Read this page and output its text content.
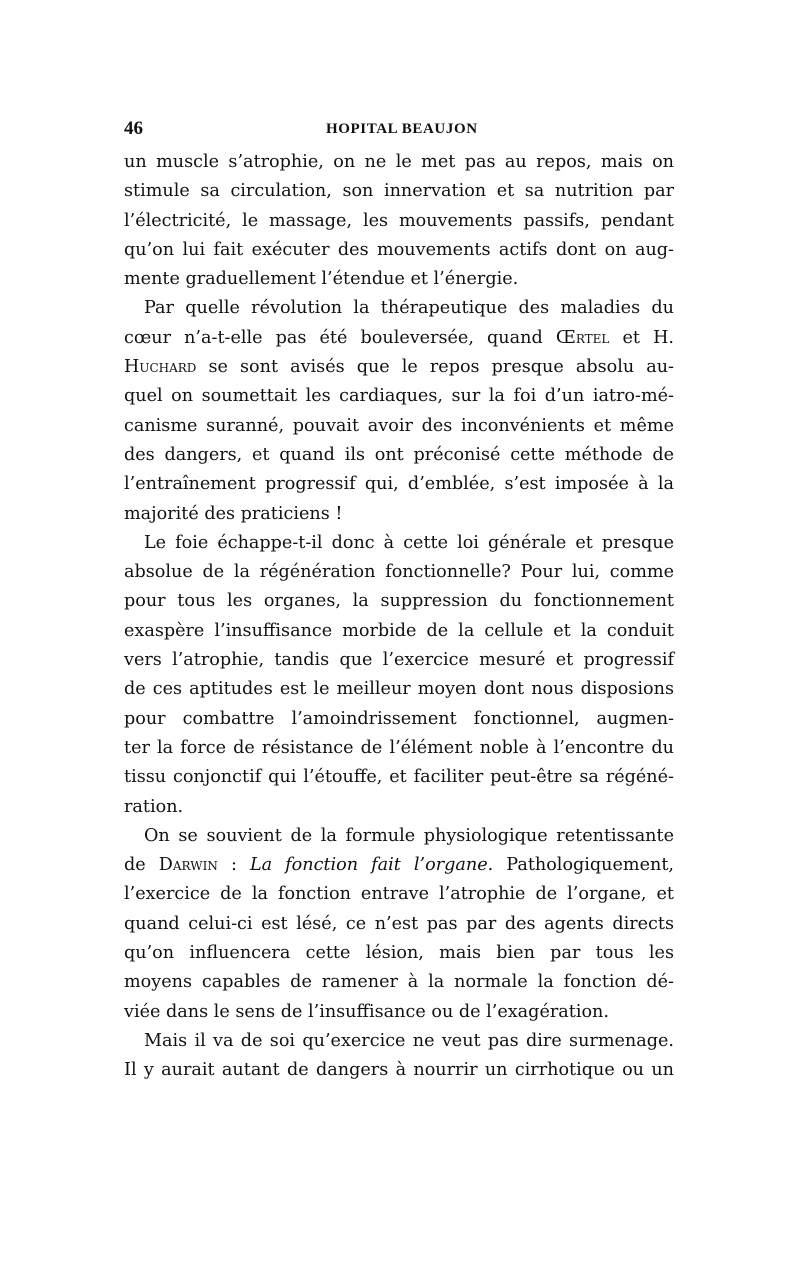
46	HOPITAL BEAUJON
un muscle s’atrophie, on ne le met pas au repos, mais on
stimule sa circulation, son innervation et sa nutrition par
l’électricité, le massage, les mouvements passifs, pendant
qu’on lui fait exécuter des mouvements actifs dont on aug-
mente graduellement l’étendue et l’énergie.
Par quelle révolution la thérapeutique des maladies du
cœur n’a-t-elle pas été bouleversée, quand Œrtel et H.
Huchard se sont avisés que le repos presque absolu au-
quel on soumettait les cardiaques, sur la foi d’un iatro-mé-
canisme suranné, pouvait avoir des inconvénients et même
des dangers, et quand ils ont préconisé cette méthode de
l’entraînement progressif qui, d’emblée, s’est imposée à la
majorité des praticiens !
Le foie échappe-t-il donc à cette loi générale et presque
absolue de la régénération fonctionnelle? Pour lui, comme
pour tous les organes, la suppression du fonctionnement
exaspère l’insuffisance morbide de la cellule et la conduit
vers l’atrophie, tandis que l’exercice mesuré et progressif
de ces aptitudes est le meilleur moyen dont nous disposions
pour combattre l’amoindrissement fonctionnel, augmen-
ter la force de résistance de l’élément noble à l’encontre du
tissu conjonctif qui l’étouffe, et faciliter peut-être sa régéné-
ration.
On se souvient de la formule physiologique retentissante
de Darwin : La fonction fait l’organe. Pathologiquement,
l’exercice de la fonction entrave l’atrophie de l’organe, et
quand celui-ci est lésé, ce n’est pas par des agents directs
qu’on influencera cette lésion, mais bien par tous les
moyens capables de ramener à la normale la fonction dé-
viée dans le sens de l’insuffisance ou de l’exagération.
Mais il va de soi qu’exercice ne veut pas dire surmenage.
Il y aurait autant de dangers à nourrir un cirrhotique ou un
